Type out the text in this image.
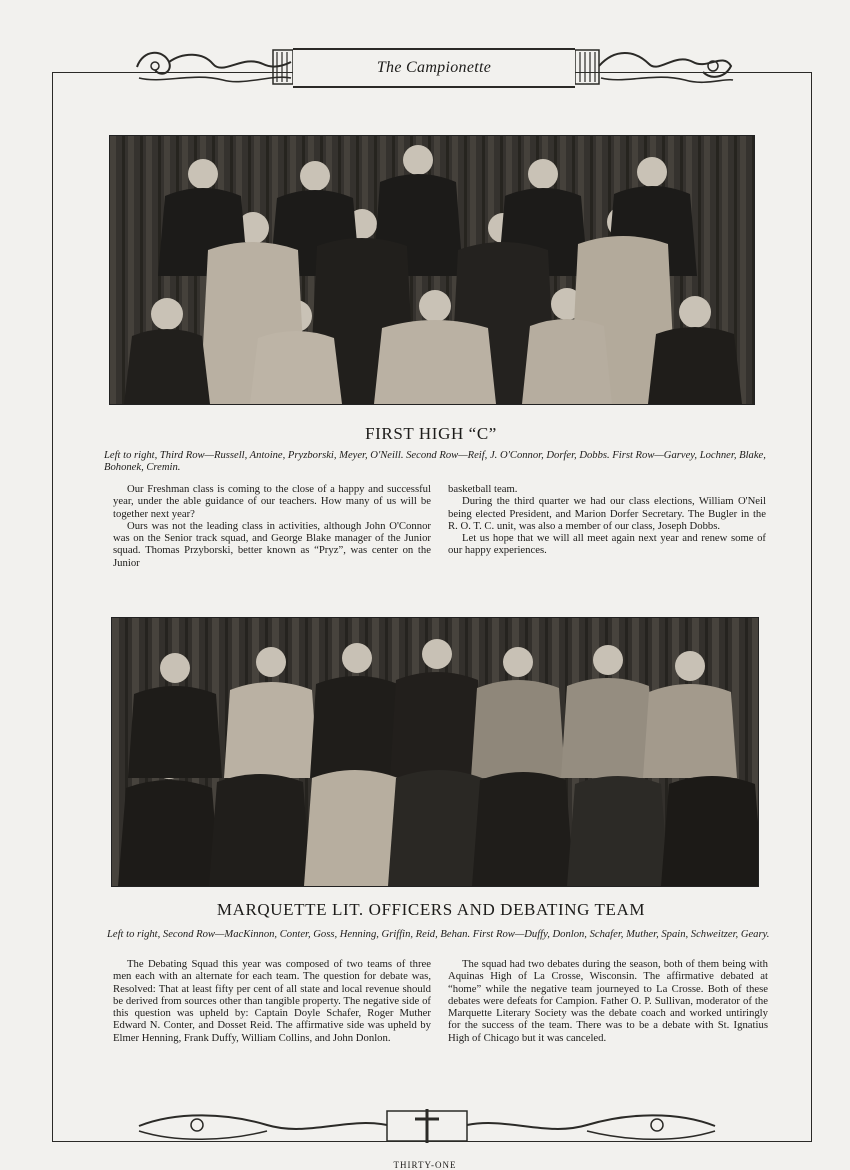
The Campionette
FIRST HIGH “C”

Left to right, Third Row—Russell, Antoine, Pryzborski, Meyer, O'Neill. Second Row—Reif, J. O'Connor, Dorfer, Dobbs. First Row—Garvey, Lochner, Blake, Bohonek, Cremin.

Our Freshman class is coming to the close of a happy and successful year, under the able guidance of our teachers. How many of us will be together next year?

Ours was not the leading class in activities, although John O'Connor was on the Senior track squad, and George Blake manager of the Junior squad. Thomas Przyborski, better known as “Pryz”, was center on the Junior

basketball team.

During the third quarter we had our class elections, William O'Neil being elected President, and Marion Dorfer Secretary. The Bugler in the R. O. T. C. unit, was also a member of our class, Joseph Dobbs.

Let us hope that we will all meet again next year and renew some of our happy experiences.

MARQUETTE LIT. OFFICERS AND DEBATING TEAM

Left to right, Second Row—MacKinnon, Conter, Goss, Henning, Griffin, Reid, Behan. First Row—Duffy, Donlon, Schafer, Muther, Spain, Schweitzer, Geary.

The Debating Squad this year was composed of two teams of three men each with an alternate for each team. The question for debate was, Resolved: That at least fifty per cent of all state and local revenue should be derived from sources other than tangible property. The negative side of this question was upheld by: Captain Doyle Schafer, Roger Muther Edward N. Conter, and Dosset Reid. The affirmative side was upheld by Elmer Henning, Frank Duffy, William Collins, and John Donlon.

The squad had two debates during the season, both of them being with Aquinas High of La Crosse, Wisconsin. The affirmative debated at “home” while the negative team journeyed to La Crosse. Both of these debates were defeats for Campion. Father O. P. Sullivan, moderator of the Marquette Literary Society was the debate coach and worked untiringly for the success of the team. There was to be a debate with St. Ignatius High of Chicago but it was canceled.

THIRTY-ONE
